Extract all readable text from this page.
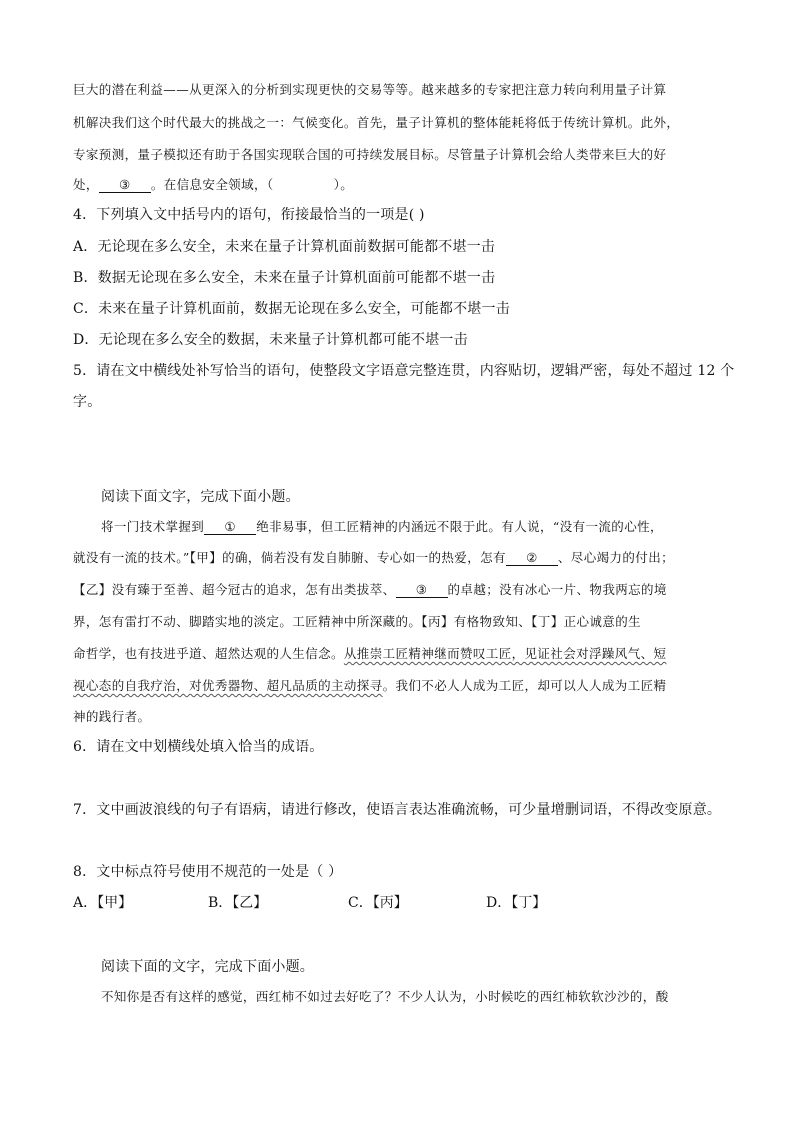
巨大的潜在利益——从更深入的分析到实现更快的交易等等。越来越多的专家把注意力转向利用量子计算
机解决我们这个时代最大的挑战之一：气候变化。首先，量子计算机的整体能耗将低于传统计算机。此外，
专家预测，量子模拟还有助于各国实现联合国的可持续发展目标。尽管量子计算机会给人类带来巨大的好
处， ③ 。在信息安全领域，（	）。
4．下列填入文中括号内的语句，衔接最恰当的一项是( )
A．无论现在多么安全，未来在量子计算机面前数据可能都不堪一击
B．数据无论现在多么安全，未来在量子计算机面前可能都不堪一击
C．未来在量子计算机面前，数据无论现在多么安全，可能都不堪一击
D．无论现在多么安全的数据，未来量子计算机都可能不堪一击
5．请在文中横线处补写恰当的语句，使整段文字语意完整连贯，内容贴切，逻辑严密，每处不超过 12 个
字。
阅读下面文字，完成下面小题。
将一门技术掌握到 ① 绝非易事，但工匠精神的内涵远不限于此。有人说，“没有一流的心性，
就没有一流的技术。”【甲】的确，倘若没有发自肺腑、专心如一的热爱，怎有 ② 、尽心竭力的付出；
【乙】没有臻于至善、超今冠古的追求，怎有出类拔萃、 ③ 的卓越；没有冰心一片、物我两忘的境
界，怎有雷打不动、脚踏实地的淡定。工匠精神中所深藏的。【丙】有格物致知、【丁】正心诚意的生
命哲学，也有技进乎道、超然达观的人生信念。从推崇工匠精神继而赞叹工匠，见证社会对浮躁风气、短
视心态的自我疗治，对优秀器物、超凡品质的主动探寻。我们不必人人成为工匠，却可以人人成为工匠精
神的践行者。
6．请在文中划横线处填入恰当的成语。
7．文中画波浪线的句子有语病，请进行修改，使语言表达准确流畅，可少量增删词语，不得改变原意。
8．文中标点符号使用不规范的一处是（ ）
A．【甲】	B．【乙】	C．【丙】	D．【丁】
阅读下面的文字，完成下面小题。
不知你是否有这样的感觉，西红柿不如过去好吃了？不少人认为，小时候吃的西红柿软软沙沙的，酸
